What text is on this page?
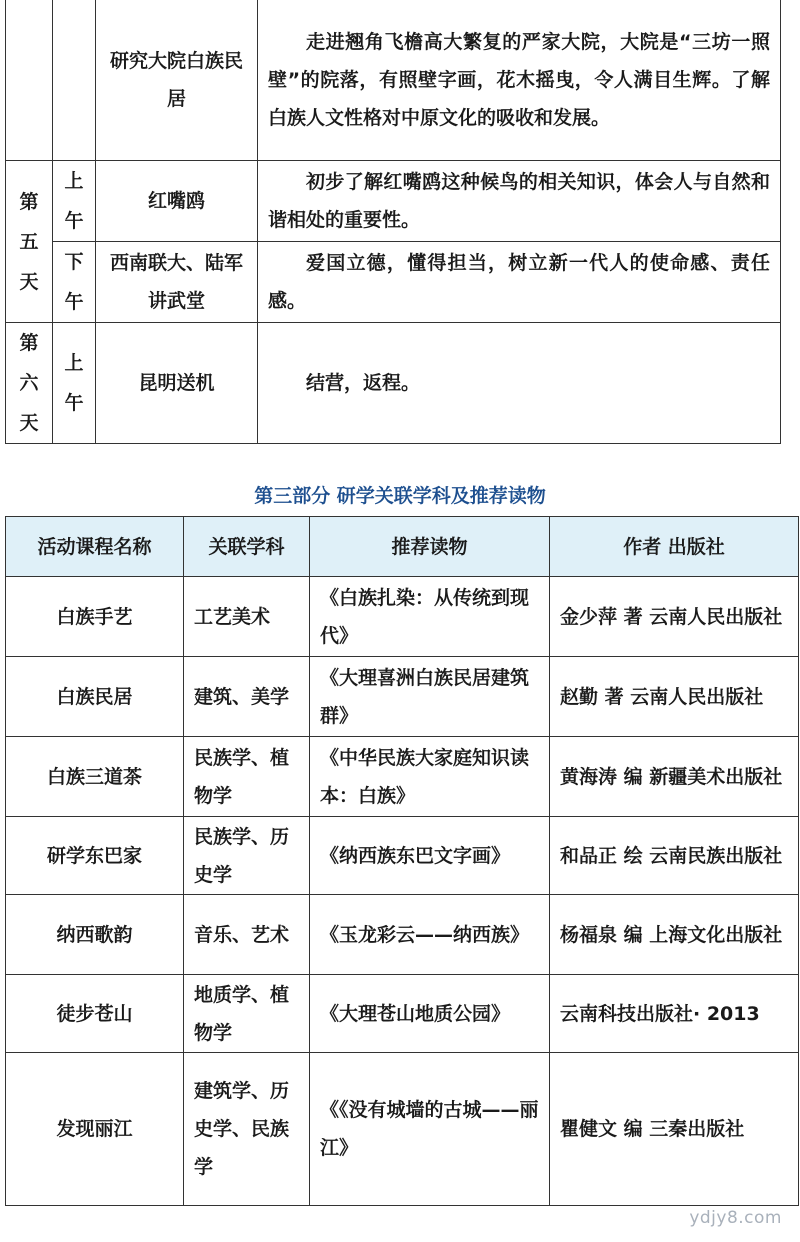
		研究大院白族民居	走进翘角飞檐高大繁复的严家大院，大院是“三坊一照壁”的院落，有照壁字画，花木摇曳，令人满目生辉。了解白族人文性格对中原文化的吸收和发展。

第五天	上午	红嘴鸥	初步了解红嘴鸥这种候鸟的相关知识，体会人与自然和谐相处的重要性。

	下午	西南联大、陆军讲武堂	爱国立德，懂得担当，树立新一代人的使命感、责任感。

第六天	上午	昆明送机	结营，返程。
第三部分 研学关联学科及推荐读物
活动课程名称	关联学科	推荐读物	作者 出版社
白族手艺	工艺美术	《白族扎染：从传统到现代》	金少萍 著 云南人民出版社
白族民居	建筑、美学	《大理喜洲白族民居建筑群》	赵勤 著 云南人民出版社
白族三道茶	民族学、植物学	《中华民族大家庭知识读本：白族》	黄海涛 编 新疆美术出版社
研学东巴家	民族学、历史学	《纳西族东巴文字画》	和品正 绘 云南民族出版社
纳西歌韵	音乐、艺术	《玉龙彩云——纳西族》	杨福泉 编 上海文化出版社
徒步苍山	地质学、植物学	《大理苍山地质公园》	云南科技出版社· 2013
发现丽江	建筑学、历史学、民族学	《《没有城墙的古城——丽江》	瞿健文 编 三秦出版社
ydjy8.com
